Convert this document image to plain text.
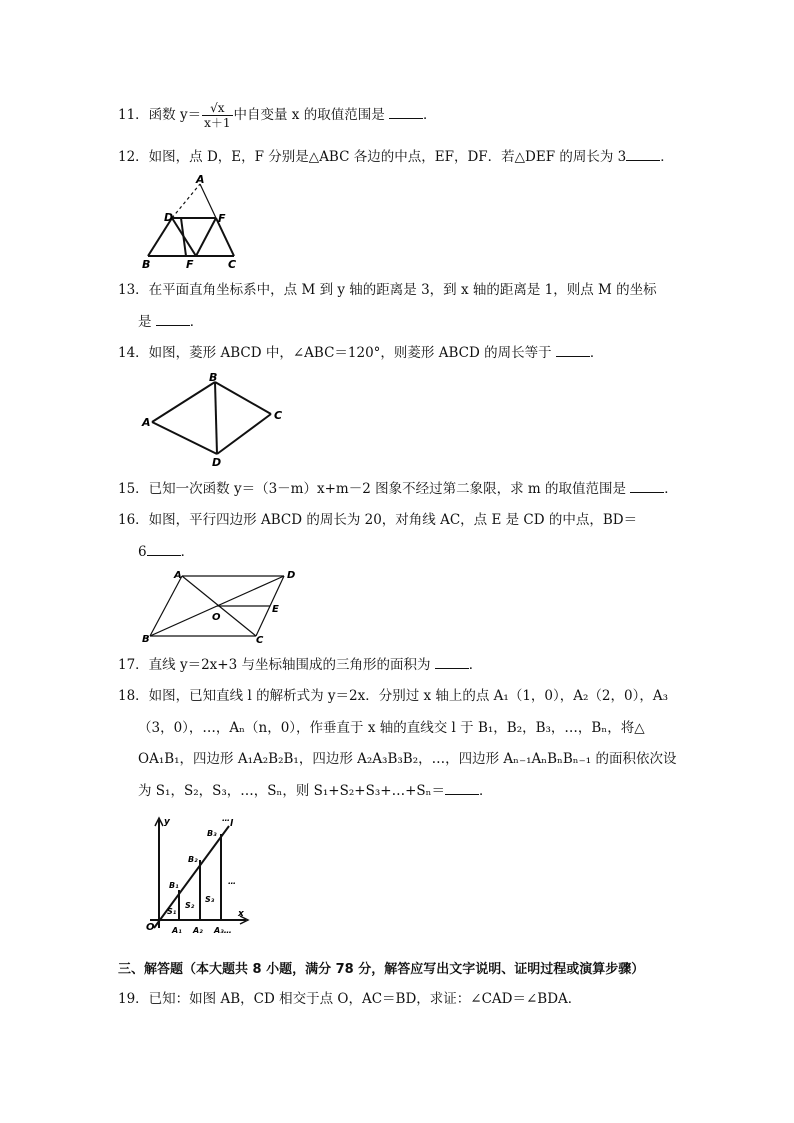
11．函数 $y= \frac{√x}{x+1}$ 中自变量 x 的取值范围是	．
12．如图，点 D，E，F 分别是△ABC 各边的中点，EF，DF．若△DEF 的周长为 3	．
A
D	F
B	F	C
13．在平面直角坐标系中，点 M 到 y 轴的距离是 3，到 x 轴的距离是 1，则点 M 的坐标
是	．
14．如图，菱形 ABCD 中，∠ABC＝120°，则菱形 ABCD 的周长等于	．
B
A
C
D
15．已知一次函数 y＝（3－m）x+m－2 图象不经过第二象限，求 m 的取值范围是	．
16．如图，平行四边形 ABCD 的周长为 20，对角线 AC，点 E 是 CD 的中点，BD＝
6	．
A	D
E
O
B	C
17．直线 y＝2x+3 与坐标轴围成的三角形的面积为	．
18．如图，已知直线 l 的解析式为 y＝2x．分别过 x 轴上的点 A₁（1，0），A₂（2，0），A₃
（3，0），…，Aₙ（n，0），作垂直于 x 轴的直线交 l 于 B₁，B₂，B₃，…，Bₙ，将△
OA₁B₁，四边形 A₁A₂B₂B₁，四边形 A₂A₃B₃B₂，…，四边形 Aₙ₋₁AₙBₙBₙ₋₁ 的面积依次设
为 S₁，S₂，S₃，…，Sₙ，则 S₁+S₂+S₃+…+Sₙ＝	．
y
x
l
O
B₁
B₂
B₃
S₁
S₂
S₃
A₁ A₂ A₃…
…
…
三、解答题（本大题共 8 小题，满分 78 分，解答应写出文字说明、证明过程或演算步骤）
19．已知：如图 AB，CD 相交于点 O，AC＝BD，求证：∠CAD＝∠BDA．
